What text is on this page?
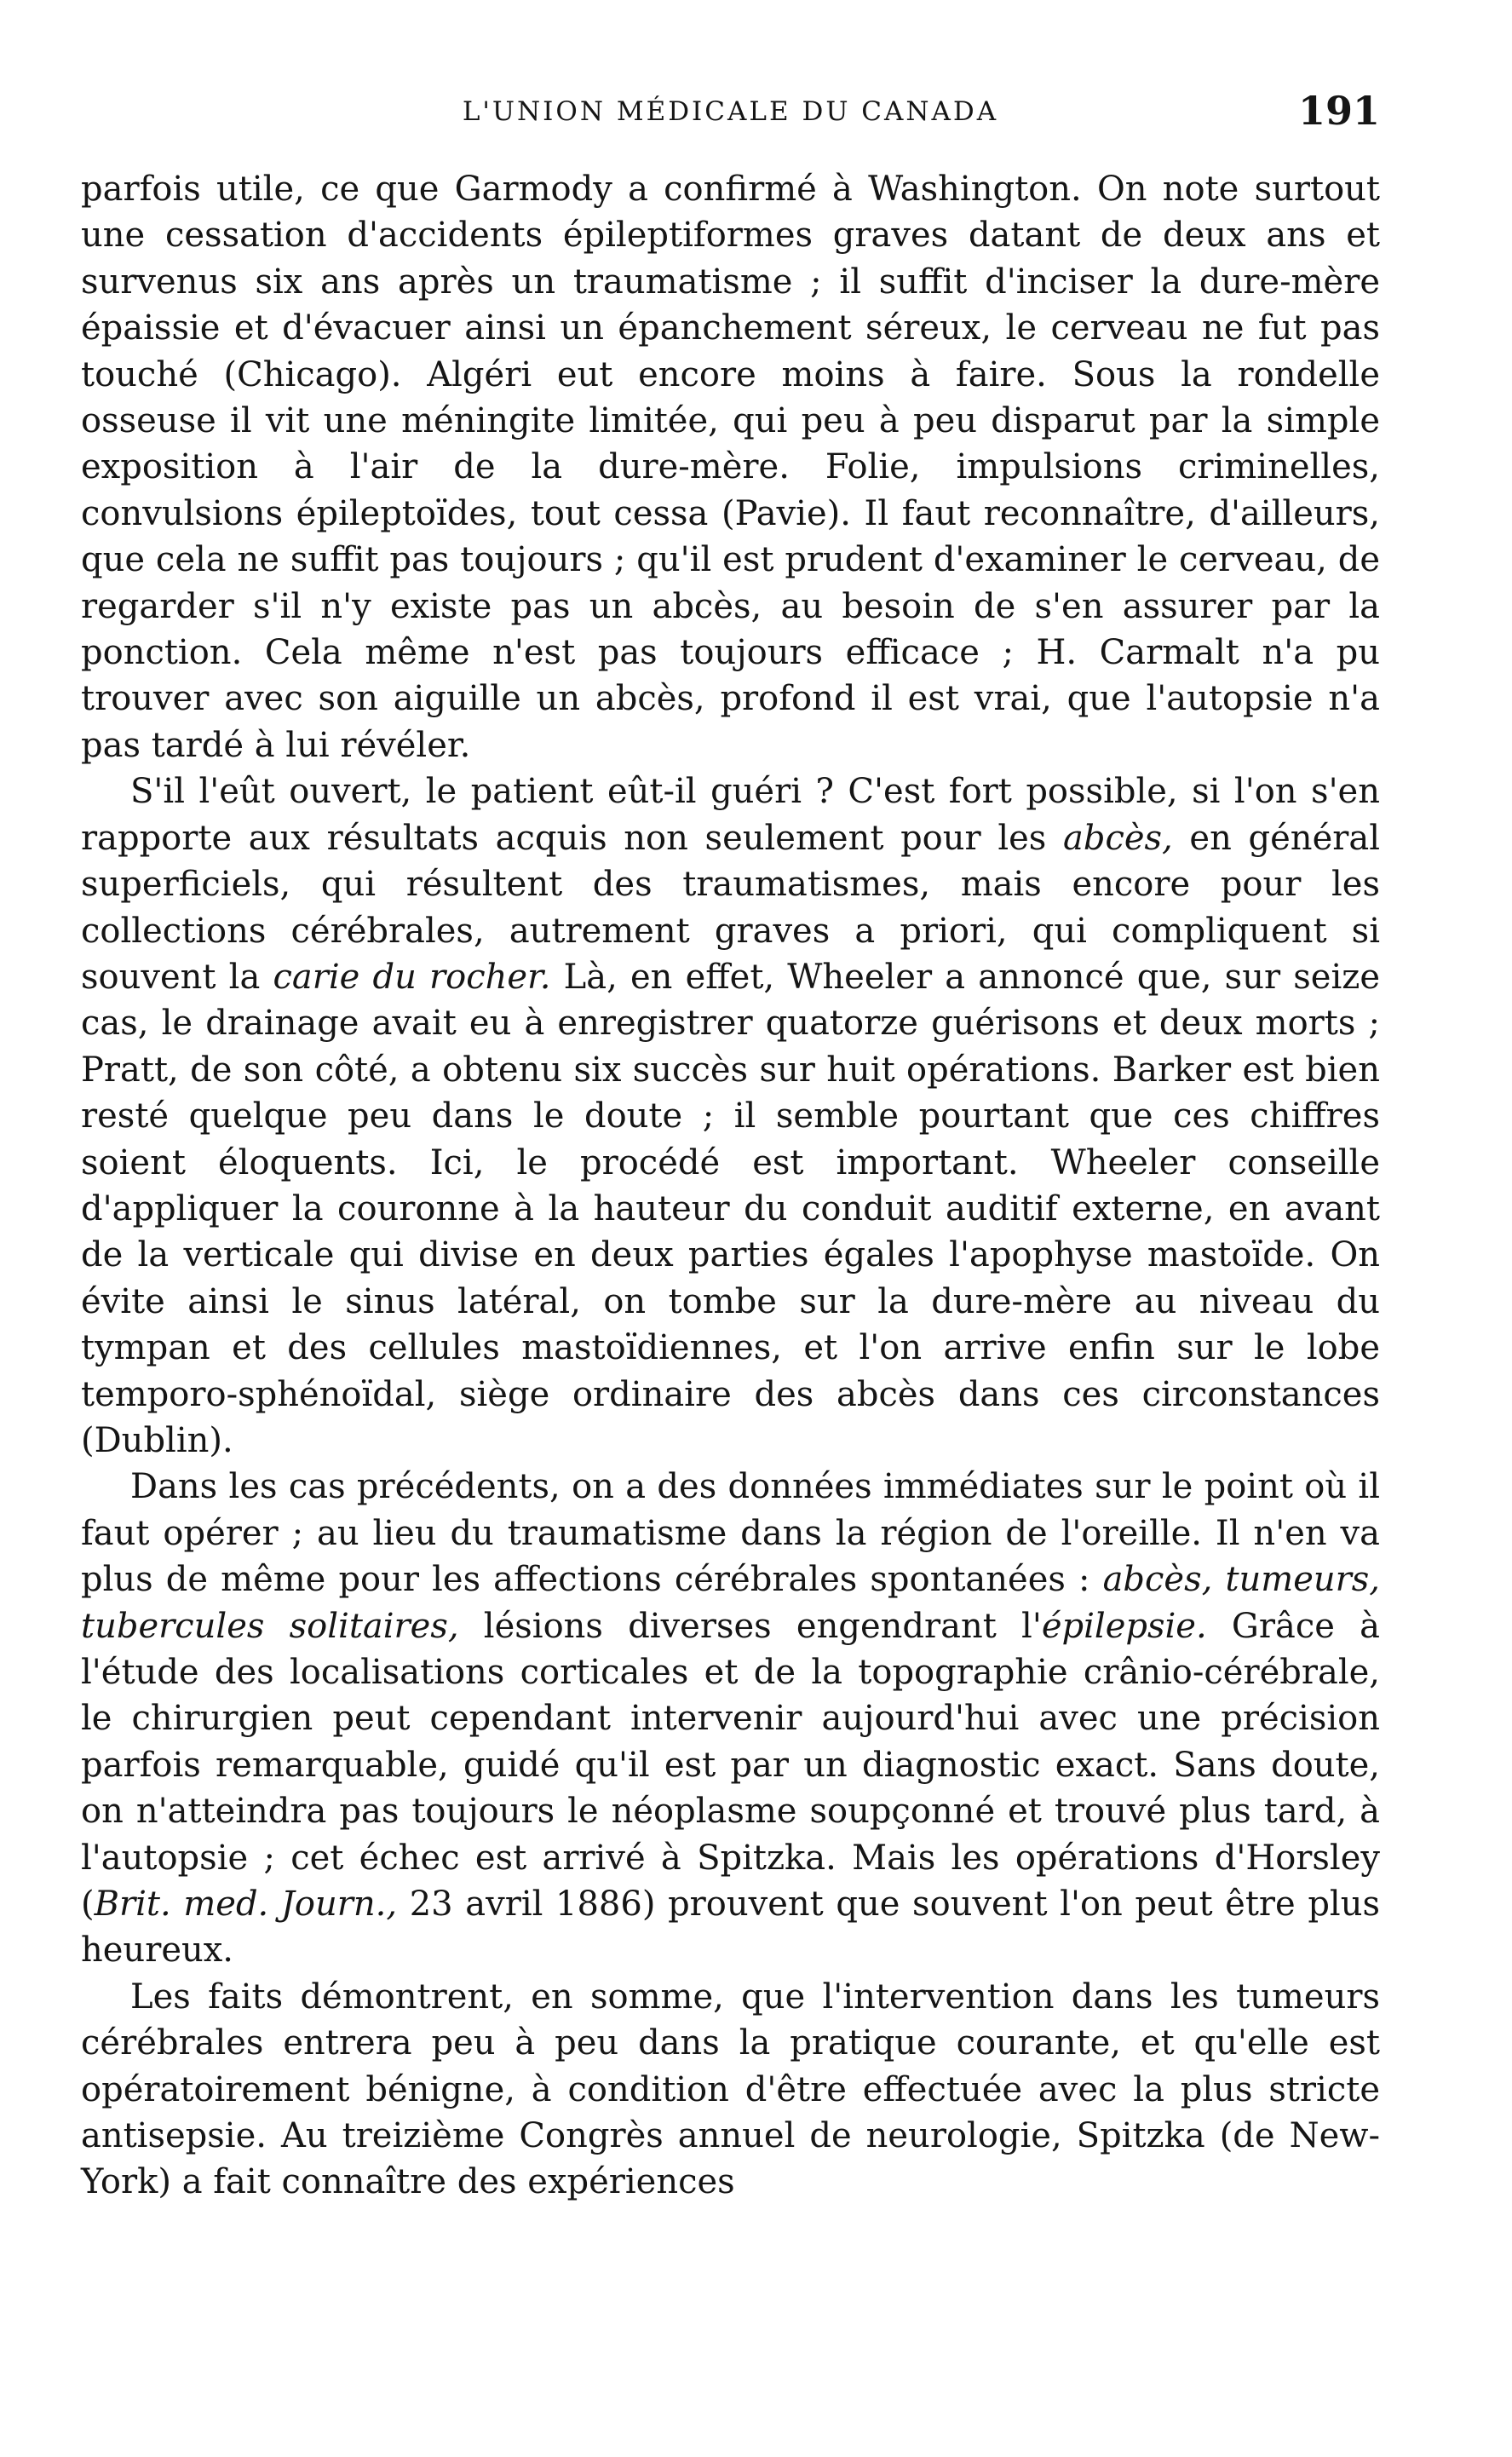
L'UNION MÉDICALE DU CANADA	191

parfois utile, ce que Garmody a confirmé à Washington. On note surtout une cessation d'accidents épileptiformes graves datant de deux ans et survenus six ans après un traumatisme ; il suffit d'inciser la dure-mère épaissie et d'évacuer ainsi un épanchement séreux, le cerveau ne fut pas touché (Chicago). Algéri eut encore moins à faire. Sous la rondelle osseuse il vit une méningite limitée, qui peu à peu disparut par la simple exposition à l'air de la dure-mère. Folie, impulsions criminelles, convulsions épileptoïdes, tout cessa (Pavie). Il faut reconnaître, d'ailleurs, que cela ne suffit pas toujours ; qu'il est prudent d'examiner le cerveau, de regarder s'il n'y existe pas un abcès, au besoin de s'en assurer par la ponction. Cela même n'est pas toujours efficace ; H. Carmalt n'a pu trouver avec son aiguille un abcès, profond il est vrai, que l'autopsie n'a pas tardé à lui révéler.

S'il l'eût ouvert, le patient eût-il guéri ? C'est fort possible, si l'on s'en rapporte aux résultats acquis non seulement pour les abcès, en général superficiels, qui résultent des traumatismes, mais encore pour les collections cérébrales, autrement graves a priori, qui compliquent si souvent la carie du rocher. Là, en effet, Wheeler a annoncé que, sur seize cas, le drainage avait eu à enregistrer quatorze guérisons et deux morts ; Pratt, de son côté, a obtenu six succès sur huit opérations. Barker est bien resté quelque peu dans le doute ; il semble pourtant que ces chiffres soient éloquents. Ici, le procédé est important. Wheeler conseille d'appliquer la couronne à la hauteur du conduit auditif externe, en avant de la verticale qui divise en deux parties égales l'apophyse mastoïde. On évite ainsi le sinus latéral, on tombe sur la dure-mère au niveau du tympan et des cellules mastoïdiennes, et l'on arrive enfin sur le lobe temporo-sphénoïdal, siège ordinaire des abcès dans ces circonstances (Dublin).

Dans les cas précédents, on a des données immédiates sur le point où il faut opérer ; au lieu du traumatisme dans la région de l'oreille. Il n'en va plus de même pour les affections cérébrales spontanées : abcès, tumeurs, tubercules solitaires, lésions diverses engendrant l'épilepsie. Grâce à l'étude des localisations corticales et de la topographie crânio-cérébrale, le chirurgien peut cependant intervenir aujourd'hui avec une précision parfois remarquable, guidé qu'il est par un diagnostic exact. Sans doute, on n'atteindra pas toujours le néoplasme soupçonné et trouvé plus tard, à l'autopsie ; cet échec est arrivé à Spitzka. Mais les opérations d'Horsley (Brit. med. Journ., 23 avril 1886) prouvent que souvent l'on peut être plus heureux.

Les faits démontrent, en somme, que l'intervention dans les tumeurs cérébrales entrera peu à peu dans la pratique courante, et qu'elle est opératoirement bénigne, à condition d'être effectuée avec la plus stricte antisepsie. Au treizième Congrès annuel de neurologie, Spitzka (de New-York) a fait connaître des expériences
